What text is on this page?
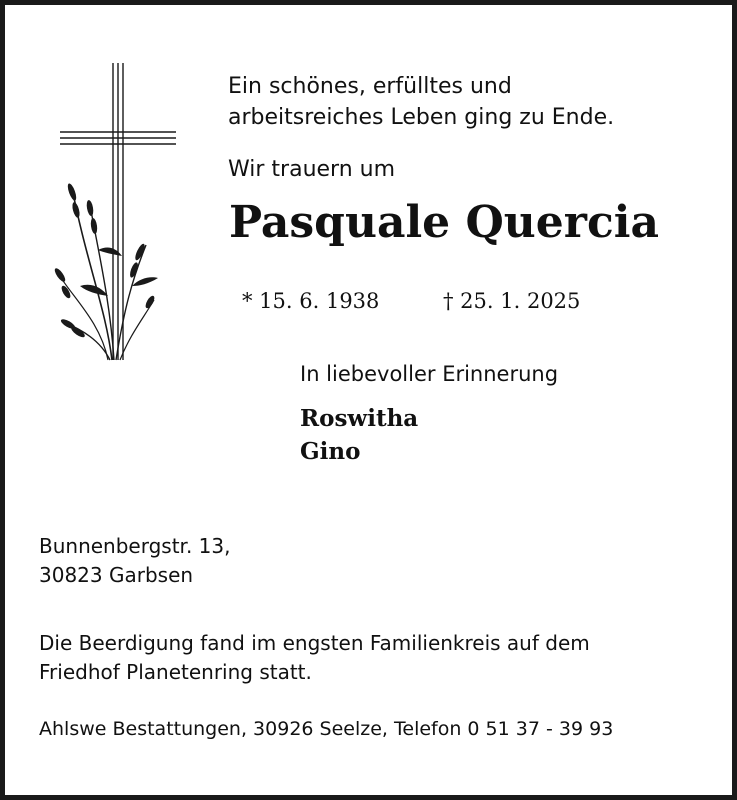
Ein schönes, erfülltes und

arbeitsreiches Leben ging zu Ende.

Wir trauern um

Pasquale Quercia

* 15. 6. 1938	† 25. 1. 2025

In liebevoller Erinnerung

Roswitha

Gino

Bunnenbergstr. 13,

30823 Garbsen

Die Beerdigung fand im engsten Familienkreis auf dem

Friedhof Planetenring statt.

Ahlswe Bestattungen, 30926 Seelze, Telefon 0 51 37 - 39 93
